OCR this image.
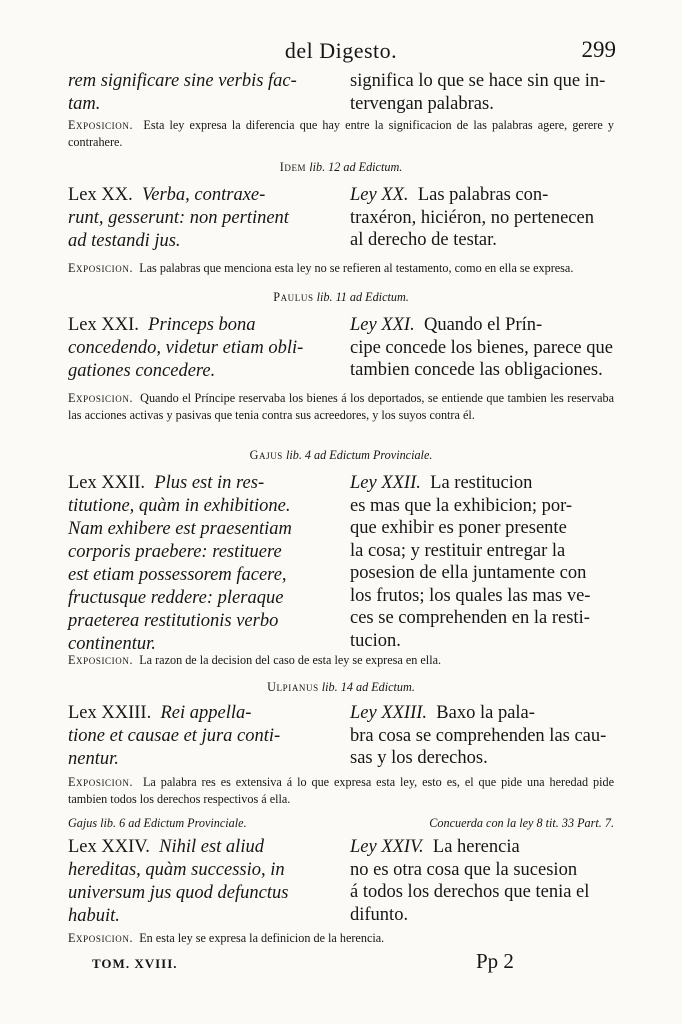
del Digesto.	299
rem significare sine verbis fac-
tam.
significa lo que se hace sin que in-
tervengan palabras.
Exposicion. Esta ley expresa la diferencia que hay entre la significacion de las palabras agere, gerere y contrahere.
Idem lib. 12 ad Edictum.
Lex XX. Verba, contraxe-
runt, gesserunt: non pertinent
ad testandi jus.
Ley XX. Las palabras con-
traxéron, hiciéron, no pertenecen
al derecho de testar.
Exposicion. Las palabras que menciona esta ley no se refieren al testamento, como en ella se expresa.
Paulus lib. 11 ad Edictum.
Lex XXI. Princeps bona
concedendo, videtur etiam obli-
gationes concedere.
Ley XXI. Quando el Prín-
cipe concede los bienes, parece que
tambien concede las obligaciones.
Exposicion. Quando el Príncipe reservaba los bienes á los deportados, se entiende que tambien les reservaba las acciones activas y pasivas que tenia contra sus acreedores, y los suyos contra él.
Gajus lib. 4 ad Edictum Provinciale.
Lex XXII. Plus est in res-
titutione, quàm in exhibitione.
Nam exhibere est praesentiam
corporis praebere: restituere
est etiam possessorem facere,
fructusque reddere: pleraque
praeterea restitutionis verbo
continentur.
Ley XXII. La restitucion
es mas que la exhibicion; por-
que exhibir es poner presente
la cosa; y restituir entregar la
posesion de ella juntamente con
los frutos; los quales las mas ve-
ces se comprehenden en la resti-
tucion.
Exposicion. La razon de la decision del caso de esta ley se expresa en ella.
Ulpianus lib. 14 ad Edictum.
Lex XXIII. Rei appella-
tione et causae et jura conti-
nentur.
Ley XXIII. Baxo la pala-
bra cosa se comprehenden las cau-
sas y los derechos.
Exposicion. La palabra res es extensiva á lo que expresa esta ley, esto es, el que pide una heredad pide tambien todos los derechos respectivos á ella.
Gajus lib. 6 ad Edictum Provinciale.	Concuerda con la ley 8 tit. 33 Part. 7.
Lex XXIV. Nihil est aliud
hereditas, quàm successio, in
universum jus quod defunctus
habuit.
Ley XXIV. La herencia
no es otra cosa que la sucesion
á todos los derechos que tenia el
difunto.
Exposicion. En esta ley se expresa la definicion de la herencia.
TOM. XVIII.	Pp 2
